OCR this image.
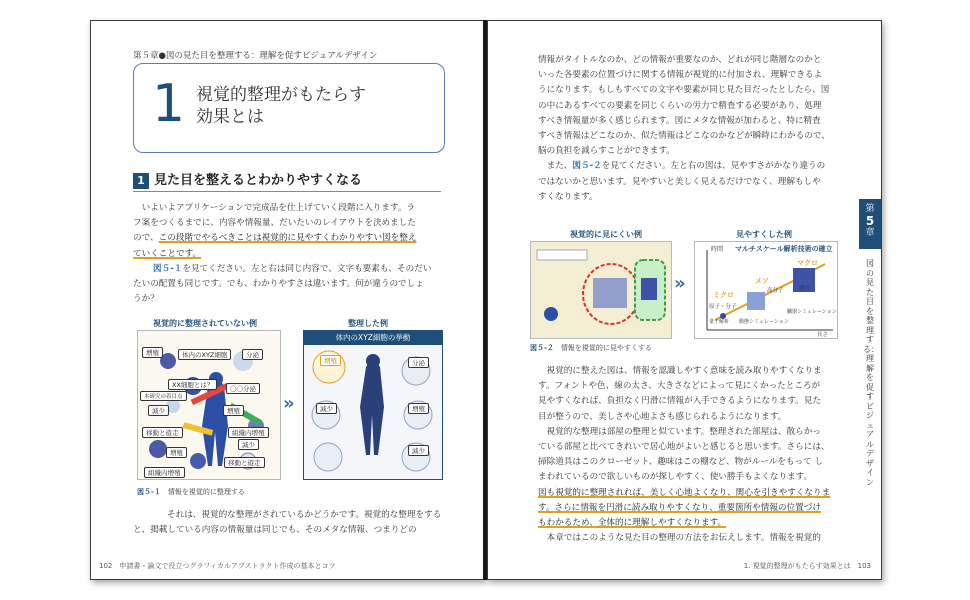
第５章●図の見た目を整理する：理解を促すビジュアルデザイン
1 視覚的整理がもたらす
効果とは
1 見た目を整えるとわかりやすくなる
いよいよアプリケーションで完成品を仕上げていく段階に入ります。ラ
フ案をつくるまでに、内容や情報量、だいたいのレイアウトを決めました
ので、この段階でやるべきことは視覚的に見やすくわかりやすい図を整え
ていくことです。
図５-１を見てください。左と右は同じ内容で、文字も要素も、そのだい
たいの配置も同じです。でも、わかりやすさは違います。何が違うのでしょ
うか？
視覚的に整理されていない例	整理した例
増殖	体内のXYZ細胞	分泌
XX細胞とは？	〇〇分泌
本研究の着目点
減少	増殖
移動と遊走	組織内増殖
減少
増殖
移動と遊走
組織内増殖
»
体内のXYZ細胞の挙動
増殖	分泌
減少	増殖
減少
図５-１　 情報を視覚的に整理する
それは、視覚的な整理がされているかどうかです。視覚的な整理をする
と、掲載している内容の情報量は同じでも、そのメタな情報、つまりどの
102　 申請書・論文で役立つグラフィカルアブストラクト作成の基本とコツ
情報がタイトルなのか、どの情報が重要なのか、どれが同じ階層なのかと
いった各要素の位置づけに関する情報が視覚的に付加され、理解できるよ
うになります。もしもすべての文字や要素が同じ見た目だったとしたら、図
の中にあるすべての要素を同じくらいの労力で精査する必要があり、処理
すべき情報量が多く感じられます。図にメタな情報が加わると、特に精査
すべき情報はどこなのか、似た情報はどこなのかなどが瞬時にわかるので、
脳の負担を減らすことができます。
また、図５-２を見てください。左と右の図は、見やすさがかなり違うの
ではないかと思います。見やすいと美しく見えるだけでなく、理解もしや
すくなります。
視覚的に見にくい例	見やすくした例
»
時間 マルチスケール解析技術の確立
ミクロ
メソ
マクロ
原子・分子
高分子	器官
臓器シミュレーション
動態シミュレーション
量子解析
長さ
図５-２　 情報を視覚的に見やすくする
視覚的に整えた図は、情報を認識しやすく意味を読み取りやすくなりま
す。フォントや色、線の太さ、大きさなどによって見にくかったところが
見やすくなれば、負担なく円滑に情報が入手できるようになります。見た
目が整うので、美しさや心地よさも感じられるようになります。
視覚的な整理は部屋の整理と似ています。整理された部屋は、散らかっ
ている部屋と比べてきれいで居心地がよいと感じると思います。さらには、
掃除道具はこのクローゼット、趣味はこの棚など、物がルールをもって し
まわれているので欲しいものが探しやすく、使い勝手もよくなります。
図も視覚的に整理されれば、美しく心地よくなり、関心を引きやすくなりま
す。さらに情報を円滑に読み取りやすくなり、重要箇所や情報の位置づけ
もわかるため、全体的に理解しやすくなります。
本章ではこのような見た目の整理の方法をお伝えします。情報を視覚的
第
5
章
図の見た目を整理する：理解を促すビジュアルデザイン
1. 視覚的整理がもたらす効果とは　 103
